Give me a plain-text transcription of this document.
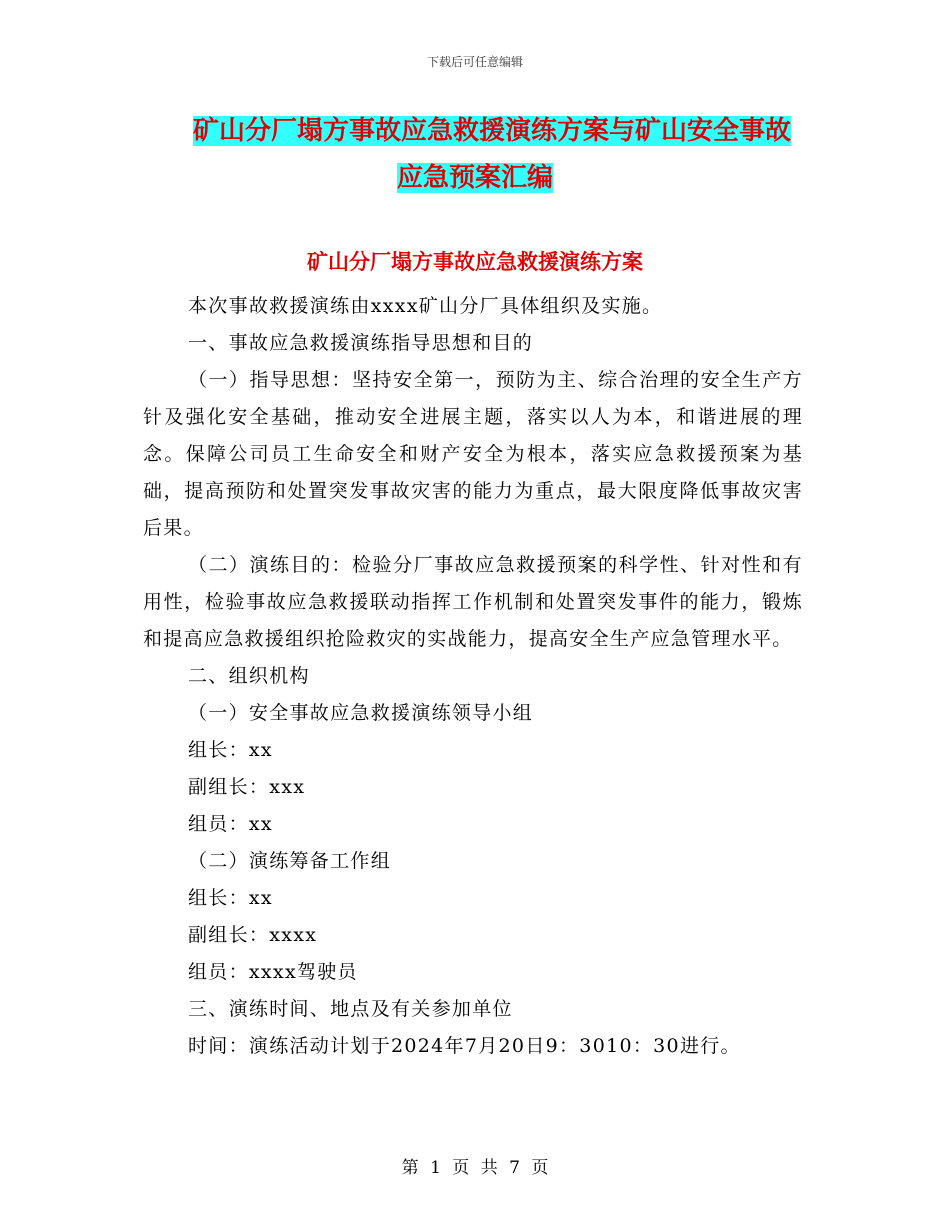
下载后可任意编辑
矿山分厂塌方事故应急救援演练方案与矿山安全事故
应急预案汇编
矿山分厂塌方事故应急救援演练方案

本次事故救援演练由xxxx矿山分厂具体组织及实施。

一、事故应急救援演练指导思想和目的

（一）指导思想：坚持安全第一，预防为主、综合治理的安全生产方针及强化安全基础，推动安全进展主题，落实以人为本，和谐进展的理念。保障公司员工生命安全和财产安全为根本，落实应急救援预案为基础，提高预防和处置突发事故灾害的能力为重点，最大限度降低事故灾害后果。

（二）演练目的：检验分厂事故应急救援预案的科学性、针对性和有用性，检验事故应急救援联动指挥工作机制和处置突发事件的能力，锻炼和提高应急救援组织抢险救灾的实战能力，提高安全生产应急管理水平。

二、组织机构

（一）安全事故应急救援演练领导小组

组长：xx

副组长：xxx

组员：xx

（二）演练筹备工作组

组长：xx

副组长：xxxx

组员：xxxx驾驶员

三、演练时间、地点及有关参加单位

时间：演练活动计划于2024年7月20日9：3010：30进行。

第 1 页 共 7 页
